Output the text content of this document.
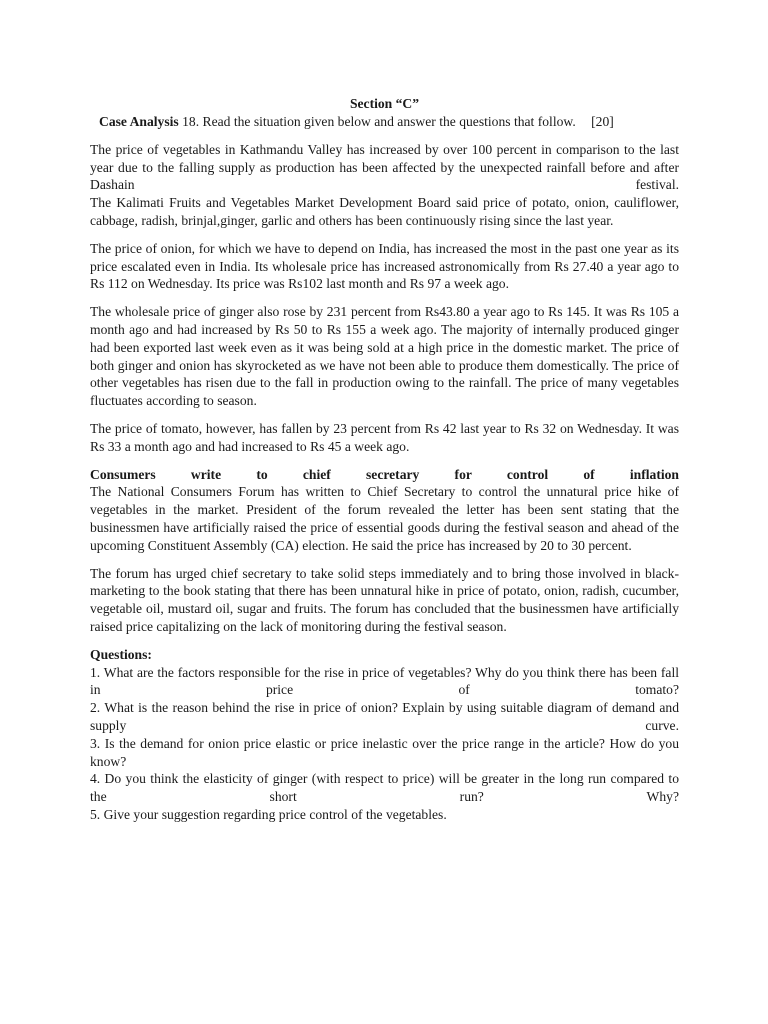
Section “C”
Case Analysis 18. Read the situation given below and answer the questions that follow. [20]

The price of vegetables in Kathmandu Valley has increased by over 100 percent in comparison to the last year due to the falling supply as production has been affected by the unexpected rainfall before and after Dashain festival.
The Kalimati Fruits and Vegetables Market Development Board said price of potato, onion, cauliflower, cabbage, radish, brinjal,ginger, garlic and others has been continuously rising since the last year.

The price of onion, for which we have to depend on India, has increased the most in the past one year as its price escalated even in India. Its wholesale price has increased astronomically from Rs 27.40 a year ago to Rs 112 on Wednesday. Its price was Rs102 last month and Rs 97 a week ago.

The wholesale price of ginger also rose by 231 percent from Rs43.80 a year ago to Rs 145. It was Rs 105 a month ago and had increased by Rs 50 to Rs 155 a week ago. The majority of internally produced ginger had been exported last week even as it was being sold at a high price in the domestic market. The price of both ginger and onion has skyrocketed as we have not been able to produce them domestically. The price of other vegetables has risen due to the fall in production owing to the rainfall. The price of many vegetables fluctuates according to season.

The price of tomato, however, has fallen by 23 percent from Rs 42 last year to Rs 32 on Wednesday. It was Rs 33 a month ago and had increased to Rs 45 a week ago.

Consumers write to chief secretary for control of inflation
The National Consumers Forum has written to Chief Secretary to control the unnatural price hike of vegetables in the market. President of the forum revealed the letter has been sent stating that the businessmen have artificially raised the price of essential goods during the festival season and ahead of the upcoming Constituent Assembly (CA) election. He said the price has increased by 20 to 30 percent.

The forum has urged chief secretary to take solid steps immediately and to bring those involved in black-marketing to the book stating that there has been unnatural hike in price of potato, onion, radish, cucumber, vegetable oil, mustard oil, sugar and fruits. The forum has concluded that the businessmen have artificially raised price capitalizing on the lack of monitoring during the festival season.

Questions:
1. What are the factors responsible for the rise in price of vegetables? Why do you think there has been fall in price of tomato?
2. What is the reason behind the rise in price of onion? Explain by using suitable diagram of demand and supply curve.
3. Is the demand for onion price elastic or price inelastic over the price range in the article? How do you know?
4. Do you think the elasticity of ginger (with respect to price) will be greater in the long run compared to the short run? Why?
5. Give your suggestion regarding price control of the vegetables.
